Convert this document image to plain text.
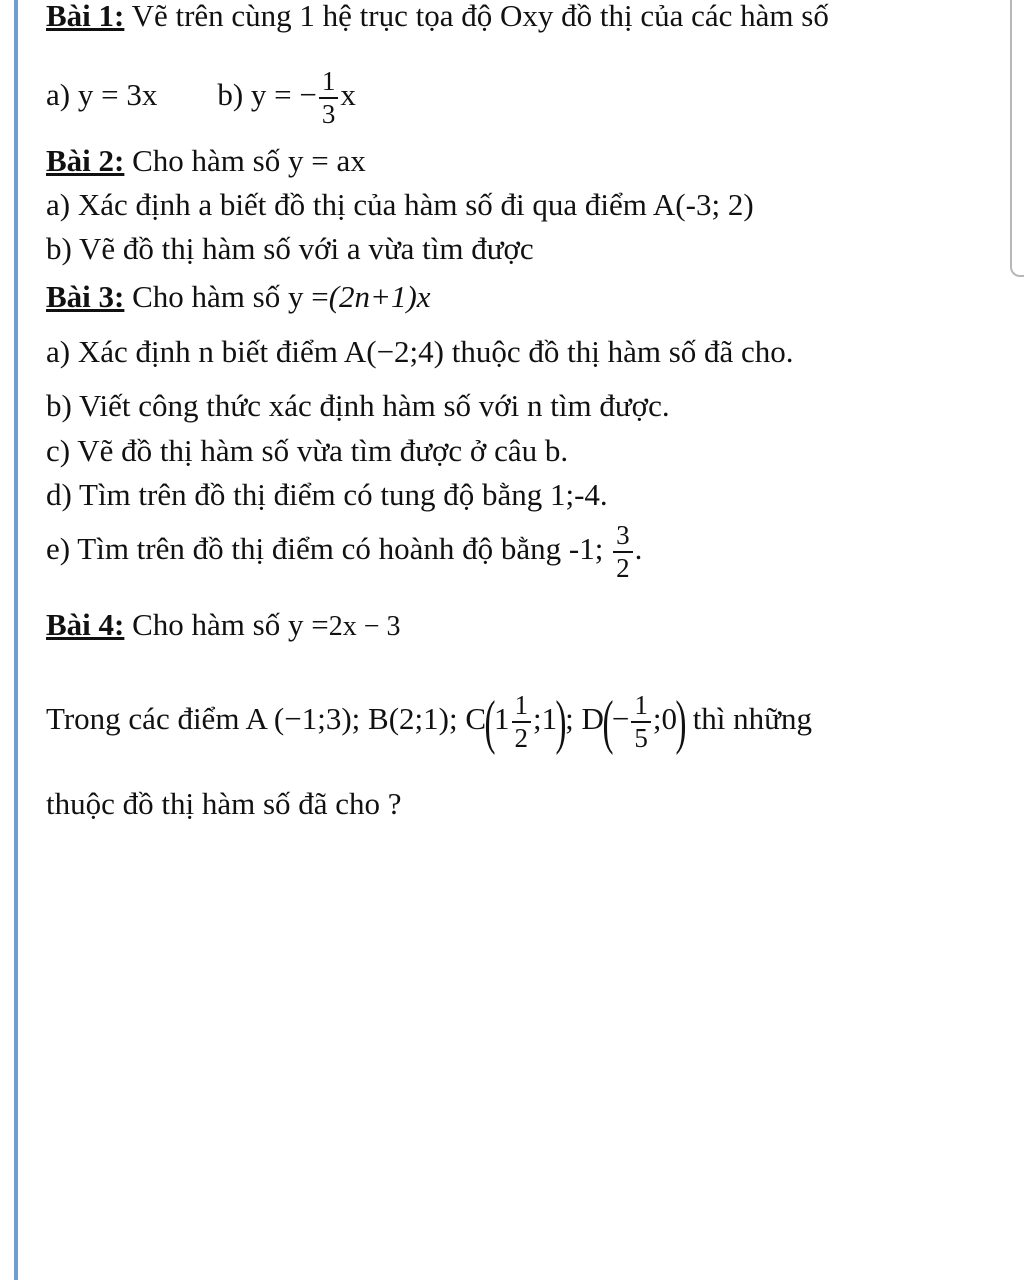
Bài 1: Vẽ trên cùng 1 hệ trục tọa độ Oxy đồ thị của các hàm số
a) y = 3x b) y = − $\frac{1}{3}$ x
Bài 2: Cho hàm số y = ax
a) Xác định a biết đồ thị của hàm số đi qua điểm A(-3; 2)
b) Vẽ đồ thị hàm số với a vừa tìm được
Bài 3: Cho hàm số y =(2n+1)x
a) Xác định n biết điểm A(−2;4) thuộc đồ thị hàm số đã cho.
b) Viết công thức xác định hàm số với n tìm được.
c) Vẽ đồ thị hàm số vừa tìm được ở câu b.
d) Tìm trên đồ thị điểm có tung độ bằng 1;-4.
e) Tìm trên đồ thị điểm có hoành độ bằng -1; $\frac{3}{2}$ .
Bài 4: Cho hàm số y =2x − 3
Trong các điểm A (−1;3); B(2;1); $C(1 \frac{1}{2}$ ;1); $D(- \frac{1}{5}$ ;0) thì những
thuộc đồ thị hàm số đã cho ?
